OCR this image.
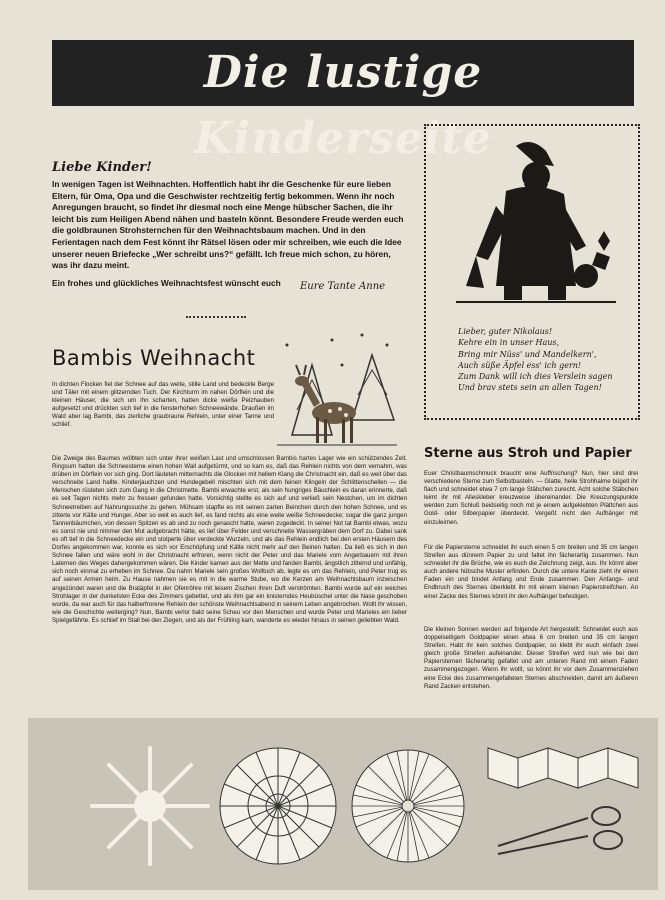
Die lustige Kinderseite

Liebe Kinder!

In wenigen Tagen ist Weihnachten. Hoffentlich habt ihr die Geschenke für eure lieben Eltern, für Oma, Opa und die Geschwister rechtzeitig fertig bekommen. Wenn ihr noch Anregungen braucht, so findet ihr diesmal noch eine Menge hübscher Sachen, die ihr leicht bis zum Heiligen Abend nähen und basteln könnt. Besondere Freude werden euch die goldbraunen Strohsternchen für den Weihnachtsbaum machen. Und in den Ferientagen nach dem Fest könnt ihr Rätsel lösen oder mir schreiben, wie euch die Idee unserer neuen Briefecke „Wer schreibt uns?“ gefällt. Ich freue mich schon, zu hören, was ihr dazu meint.

Ein frohes und glückliches Weihnachtsfest wünscht euch	Eure Tante Anne
Bambis Weihnacht

In dichten Flocken fiel der Schnee auf das weite, stille Land und bedeckte Berge und Täler mit einem glitzernden Tuch. Der Kirchturm im nahen Dörflein und die kleinen Häuser, die sich um ihn scharten, hatten dicke weiße Pelzhauben aufgesetzt und drückten sich tief in die fensterhohen Schneewände. Draußen im Wald aber lag Bambi, das zierliche graubraune Rehlein, unter einer Tanne und schlief.

Die Zweige des Baumes wölbten sich unter ihrer weißen Last und umschlossen Bambis hartes Lager wie ein schützendes Zelt. Ringsum hatten die Schneesterne einen hohen Wall aufgetürmt, und so kam es, daß das Rehlein nichts von dem vernahm, was drüben im Dörflein vor sich ging. Dort läuteten mitternachts die Glocken mit hellem Klang die Christnacht ein, daß es weit über das verschneite Land hallte. Kinderjauchzen und Hundegebell mischten sich mit dem feinen Klingeln der Schlittenschellen — die Menschen rüsteten sich zum Gang in die Christmette. Bambi erwachte erst, als sein hungriges Bäuchlein es daran erinnerte, daß es seit Tagen nichts mehr zu fressen gefunden hatte. Vorsichtig stellte es sich auf und verließ sein Nestchen, um im dichten Schneetreiben auf Nahrungssuche zu gehen. Mühsam stapfte es mit seinen zarten Beinchen durch den hohen Schnee, und es zitterte vor Kälte und Hunger. Aber so weit es auch lief, es fand nichts als eine weite weiße Schneedecke; sogar die ganz jungen Tannenbäumchen, von dessen Spitzen es ab und zu noch genascht hatte, waren zugedeckt. In seiner Not tat Bambi etwas, wozu es sonst nie und nimmer den Mut aufgebracht hätte, es lief über Felder und verschneite Wassergräben dem Dorf zu. Dabei sank es oft tief in die Schneedecke ein und stolperte über verdeckte Wurzeln, und als das Rehlein endlich bei den ersten Häusern des Dorfes angekommen war, konnte es sich vor Erschöpfung und Kälte nicht mehr auf den Beinen halten. Da ließ es sich in den Schnee fallen und wäre wohl in der Christnacht erfroren, wenn nicht der Peter und das Mariele vom Angerbauern mit ihren Laternen des Weges dahergekommen wären. Die Kinder kamen aus der Mette und fanden Bambi, ängstlich zitternd und unfähig, sich noch einmal zu erheben im Schnee. Da nahm Mariele sein großes Wolltuch ab, legte es um das Rehlein, und Peter trug es auf seinen Armen heim. Zu Hause nahmen sie es mit in die warme Stube, wo die Kerzen am Weihnachtsbaum inzwischen angezündet waren und die Bratäpfel in der Ofenröhre mit leisem Zischen ihren Duft verströmten. Bambi wurde auf ein weiches Strohlager in der dunkelsten Ecke des Zimmers gebettet, und als ihm gar ein knisterndes Heubüschel unter die Nase geschoben wurde, da war auch für das halberfrorene Rehlein der schönste Weihnachtsabend in seinem Leben angebrochen. Wollt ihr wissen, wie die Geschichte weiterging? Nun, Bambi verlor bald seine Scheu vor den Menschen und wurde Peter und Marieles ein lieber Spielgefährte. Es schlief im Stall bei den Ziegen, und als der Frühling kam, wanderte es wieder hinaus in seinen geliebten Wald.

Lieber, guter Nikolaus!
Kehre ein in unser Haus,
Bring mir Nüss' und Mandelkern',
Auch süße Äpfel ess' ich gern!
Zum Dank will ich dies Verslein sagen
Und brav stets sein an allen Tagen!
Sterne aus Stroh und Papier

Euer Christbaumschmuck braucht eine Auffrischung? Nun, hier sind drei verschiedene Sterne zum Selbstbasteln. — Glatte, helle Strohhalme bügelt ihr flach und schneidet etwa 7 cm lange Stäbchen zurecht. Acht solche Stäbchen leimt ihr mit Alleskleber kreuzweise übereinander. Die Kreuzungspunkte werden zum Schluß beidseitig noch mit je einem aufgeklebten Plättchen aus Gold- oder Silberpapier überdeckt. Vergeßt nicht den Aufhänger mit einzuleimen.

Für die Papiersterne schneidet ihr euch einen 5 cm breiten und 35 cm langen Streifen aus dünnem Papier zu und faltet ihn fächerartig zusammen. Nun schneidet ihr die Brüche, wie es euch die Zeichnung zeigt, aus. Ihr könnt aber auch andere hübsche Muster erfinden. Durch die untere Kante zieht ihr einen Faden ein und bindet Anfang und Ende zusammen. Den Anfangs- und Endbruch des Sternes überklebt ihr mit einem kleinen Papierstreifchen. An einer Zacke des Sternes könnt ihr den Aufhänger befestigen.

Die kleinen Sonnen werden auf folgende Art hergestellt: Schneidet euch aus doppelseitigem Goldpapier einen etwa 6 cm breiten und 35 cm langen Streifen. Habt ihr kein solches Goldpapier, so klebt ihr euch einfach zwei gleich große Streifen aufeinander. Dieser Streifen wird nun wie bei den Papiersternen fächerartig gefaltet und am unteren Rand mit einem Faden zusammengezogen. Wenn ihr wollt, so könnt ihr vor dem Zusammenziehen eine Ecke des zusammengefalteten Sternes abschneiden, damit am äußeren Rand Zacken entstehen.
